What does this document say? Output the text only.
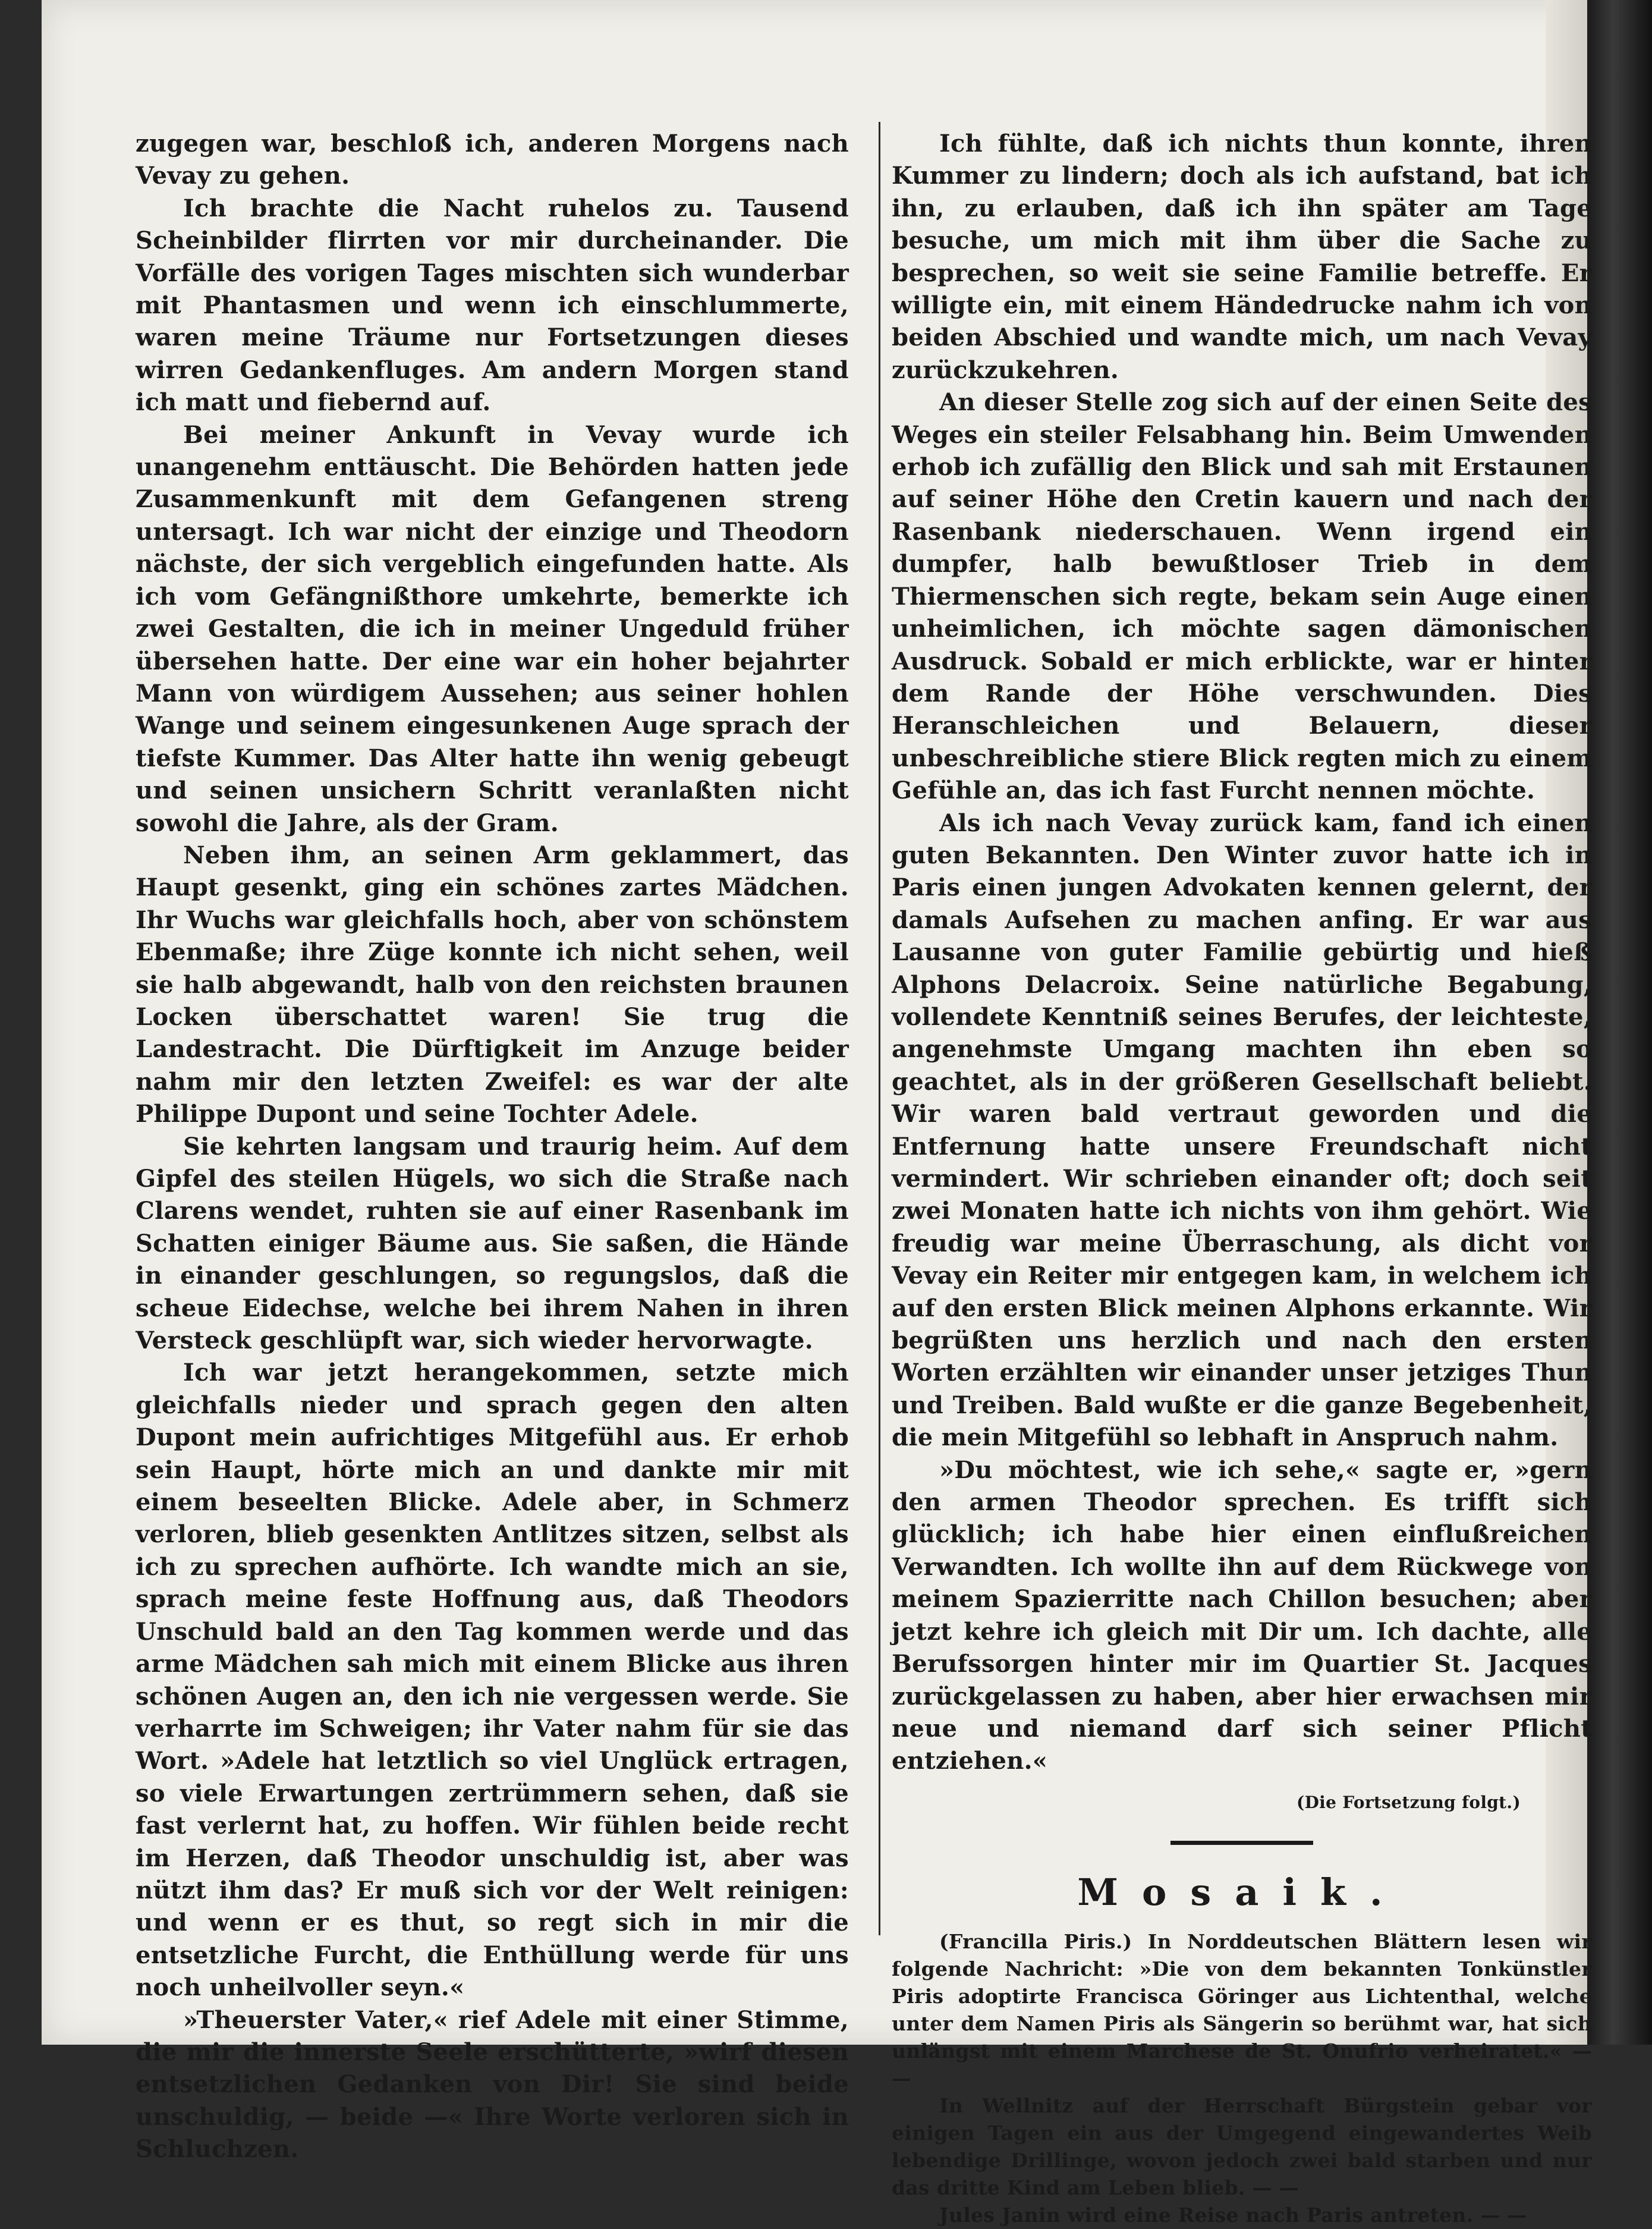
zugegen war, beschloß ich, anderen Morgens nach Vevay zu gehen.

Ich brachte die Nacht ruhelos zu. Tausend Scheinbilder flirrten vor mir durcheinander. Die Vorfälle des vorigen Tages mischten sich wunderbar mit Phantasmen und wenn ich einschlummerte, waren meine Träume nur Fortsetzungen dieses wirren Gedankenfluges. Am andern Morgen stand ich matt und fiebernd auf.

Bei meiner Ankunft in Vevay wurde ich unangenehm enttäuscht. Die Behörden hatten jede Zusammenkunft mit dem Gefangenen streng untersagt. Ich war nicht der einzige und Theodorn nächste, der sich vergeblich eingefunden hatte. Als ich vom Gefängnißthore umkehrte, bemerkte ich zwei Gestalten, die ich in meiner Ungeduld früher übersehen hatte. Der eine war ein hoher bejahrter Mann von würdigem Aussehen; aus seiner hohlen Wange und seinem eingesunkenen Auge sprach der tiefste Kummer. Das Alter hatte ihn wenig gebeugt und seinen unsichern Schritt veranlaßten nicht sowohl die Jahre, als der Gram.

Neben ihm, an seinen Arm geklammert, das Haupt gesenkt, ging ein schönes zartes Mädchen. Ihr Wuchs war gleichfalls hoch, aber von schönstem Ebenmaße; ihre Züge konnte ich nicht sehen, weil sie halb abgewandt, halb von den reichsten braunen Locken überschattet waren! Sie trug die Landestracht. Die Dürftigkeit im Anzuge beider nahm mir den letzten Zweifel: es war der alte Philippe Dupont und seine Tochter Adele.

Sie kehrten langsam und traurig heim. Auf dem Gipfel des steilen Hügels, wo sich die Straße nach Clarens wendet, ruhten sie auf einer Rasenbank im Schatten einiger Bäume aus. Sie saßen, die Hände in einander geschlungen, so regungslos, daß die scheue Eidechse, welche bei ihrem Nahen in ihren Versteck geschlüpft war, sich wieder hervorwagte.

Ich war jetzt herangekommen, setzte mich gleichfalls nieder und sprach gegen den alten Dupont mein aufrichtiges Mitgefühl aus. Er erhob sein Haupt, hörte mich an und dankte mir mit einem beseelten Blicke. Adele aber, in Schmerz verloren, blieb gesenkten Antlitzes sitzen, selbst als ich zu sprechen aufhörte. Ich wandte mich an sie, sprach meine feste Hoffnung aus, daß Theodors Unschuld bald an den Tag kommen werde und das arme Mädchen sah mich mit einem Blicke aus ihren schönen Augen an, den ich nie vergessen werde. Sie verharrte im Schweigen; ihr Vater nahm für sie das Wort. »Adele hat letztlich so viel Unglück ertragen, so viele Erwartungen zertrümmern sehen, daß sie fast verlernt hat, zu hoffen. Wir fühlen beide recht im Herzen, daß Theodor unschuldig ist, aber was nützt ihm das? Er muß sich vor der Welt reinigen: und wenn er es thut, so regt sich in mir die entsetzliche Furcht, die Enthüllung werde für uns noch unheilvoller seyn.«

»Theuerster Vater,« rief Adele mit einer Stimme, die mir die innerste Seele erschütterte, »wirf diesen entsetzlichen Gedanken von Dir! Sie sind beide unschuldig, — beide —« Ihre Worte verloren sich in Schluchzen.

Ich fühlte, daß ich nichts thun konnte, ihren Kummer zu lindern; doch als ich aufstand, bat ich ihn, zu erlauben, daß ich ihn später am Tage besuche, um mich mit ihm über die Sache zu besprechen, so weit sie seine Familie betreffe. Er willigte ein, mit einem Händedrucke nahm ich von beiden Abschied und wandte mich, um nach Vevay zurückzukehren.

An dieser Stelle zog sich auf der einen Seite des Weges ein steiler Felsabhang hin. Beim Umwenden erhob ich zufällig den Blick und sah mit Erstaunen auf seiner Höhe den Cretin kauern und nach der Rasenbank niederschauen. Wenn irgend ein dumpfer, halb bewußtloser Trieb in dem Thiermenschen sich regte, bekam sein Auge einen unheimlichen, ich möchte sagen dämonischen Ausdruck. Sobald er mich erblickte, war er hinter dem Rande der Höhe verschwunden. Dies Heranschleichen und Belauern, dieser unbeschreibliche stiere Blick regten mich zu einem Gefühle an, das ich fast Furcht nennen möchte.

Als ich nach Vevay zurück kam, fand ich einen guten Bekannten. Den Winter zuvor hatte ich in Paris einen jungen Advokaten kennen gelernt, der damals Aufsehen zu machen anfing. Er war aus Lausanne von guter Familie gebürtig und hieß Alphons Delacroix. Seine natürliche Begabung, vollendete Kenntniß seines Berufes, der leichteste, angenehmste Umgang machten ihn eben so geachtet, als in der größeren Gesellschaft beliebt. Wir waren bald vertraut geworden und die Entfernung hatte unsere Freundschaft nicht vermindert. Wir schrieben einander oft; doch seit zwei Monaten hatte ich nichts von ihm gehört. Wie freudig war meine Überraschung, als dicht vor Vevay ein Reiter mir entgegen kam, in welchem ich auf den ersten Blick meinen Alphons erkannte. Wir begrüßten uns herzlich und nach den ersten Worten erzählten wir einander unser jetziges Thun und Treiben. Bald wußte er die ganze Begebenheit, die mein Mitgefühl so lebhaft in Anspruch nahm.

»Du möchtest, wie ich sehe,« sagte er, »gern den armen Theodor sprechen. Es trifft sich glücklich; ich habe hier einen einflußreichen Verwandten. Ich wollte ihn auf dem Rückwege von meinem Spazierritte nach Chillon besuchen; aber jetzt kehre ich gleich mit Dir um. Ich dachte, alle Berufssorgen hinter mir im Quartier St. Jacques zurückgelassen zu haben, aber hier erwachsen mir neue und niemand darf sich seiner Pflicht entziehen.«

(Die Fortsetzung folgt.)
Mosaik.

(Francilla Piris.) In Norddeutschen Blättern lesen wir folgende Nachricht: »Die von dem bekannten Tonkünstler Piris adoptirte Francisca Göringer aus Lichtenthal, welche unter dem Namen Piris als Sängerin so berühmt war, hat sich unlängst mit einem Marchese de St. Onufrio verheiratet.« — —

In Wellnitz auf der Herrschaft Bürgstein gebar vor einigen Tagen ein aus der Umgegend eingewandertes Weib lebendige Drillinge, wovon jedoch zwei bald starben und nur das dritte Kind am Leben blieb. — —

Jules Janin wird eine Reise nach Paris antreten. — —
